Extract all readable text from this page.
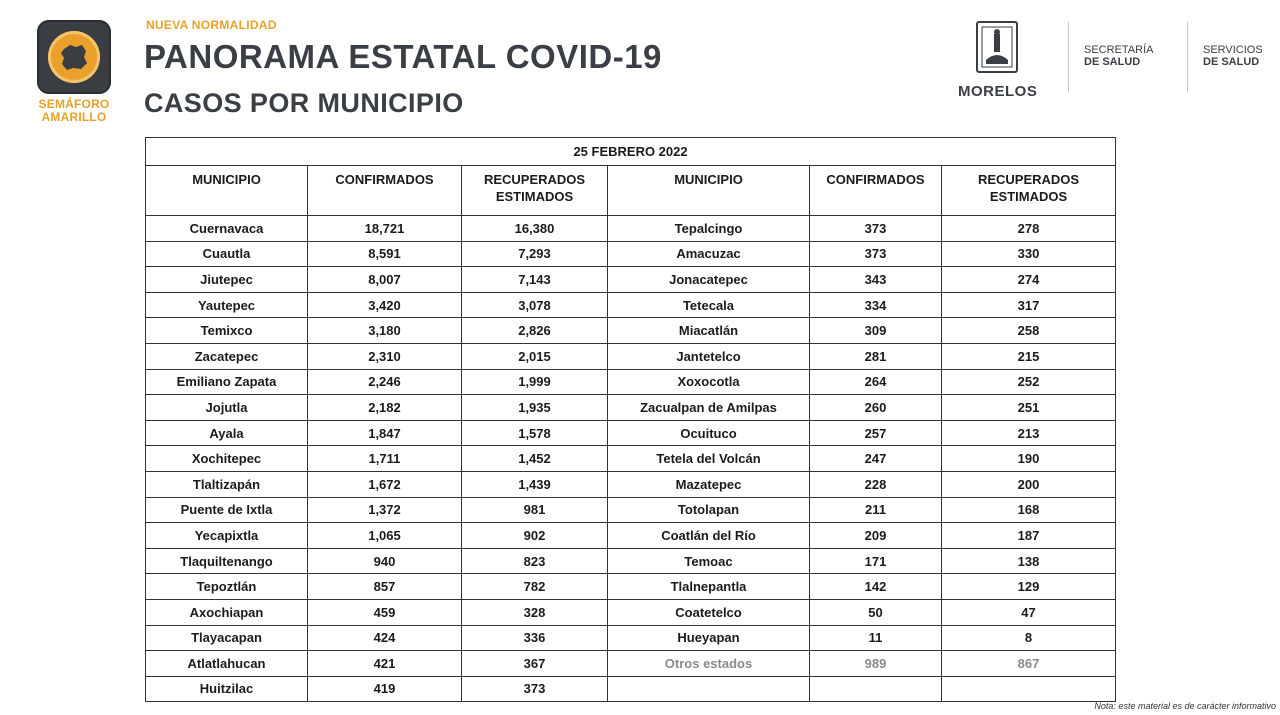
SEMÁFORO
AMARILLO
NUEVA NORMALIDAD
PANORAMA ESTATAL COVID-19
CASOS POR MUNICIPIO	MORELOS
SECRETARÍA
DE SALUD
SERVICIOS
DE SALUD
25 FEBRERO 2022					
MUNICIPIO	CONFIRMADOS	RECUPERADOS ESTIMADOS	MUNICIPIO	CONFIRMADOS	RECUPERADOS ESTIMADOS
Cuernavaca	18,721	16,380	Tepalcingo	373	278
Cuautla	8,591	7,293	Amacuzac	373	330
Jiutepec	8,007	7,143	Jonacatepec	343	274
Yautepec	3,420	3,078	Tetecala	334	317
Temixco	3,180	2,826	Miacatlán	309	258
Zacatepec	2,310	2,015	Jantetelco	281	215
Emiliano Zapata	2,246	1,999	Xoxocotla	264	252
Jojutla	2,182	1,935	Zacualpan de Amilpas	260	251
Ayala	1,847	1,578	Ocuituco	257	213
Xochitepec	1,711	1,452	Tetela del Volcán	247	190
Tlaltizapán	1,672	1,439	Mazatepec	228	200
Puente de Ixtla	1,372	981	Totolapan	211	168
Yecapixtla	1,065	902	Coatlán del Río	209	187
Tlaquiltenango	940	823	Temoac	171	138
Tepoztlán	857	782	Tlalnepantla	142	129
Axochiapan	459	328	Coatetelco	50	47
Tlayacapan	424	336	Hueyapan	11	8
Atlatlahucan	421	367	Otros estados	989	867
Huitzilac	419	373			
Nota: este material es de carácter informativo
